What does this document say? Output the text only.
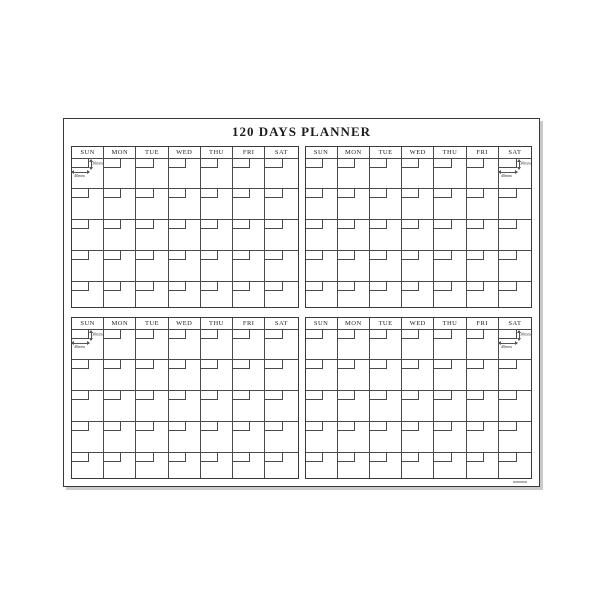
120 DAYS PLANNER
SUN	MON	TUE	WED	THU	FRI	SAT
30mm
40mm
SUN	MON	TUE	WED	THU	FRI	SAT
30mm
40mm
SUN	MON	TUE	WED	THU	FRI	SAT
30mm
40mm
SUN	MON	TUE	WED	THU	FRI	SAT
30mm
40mm
